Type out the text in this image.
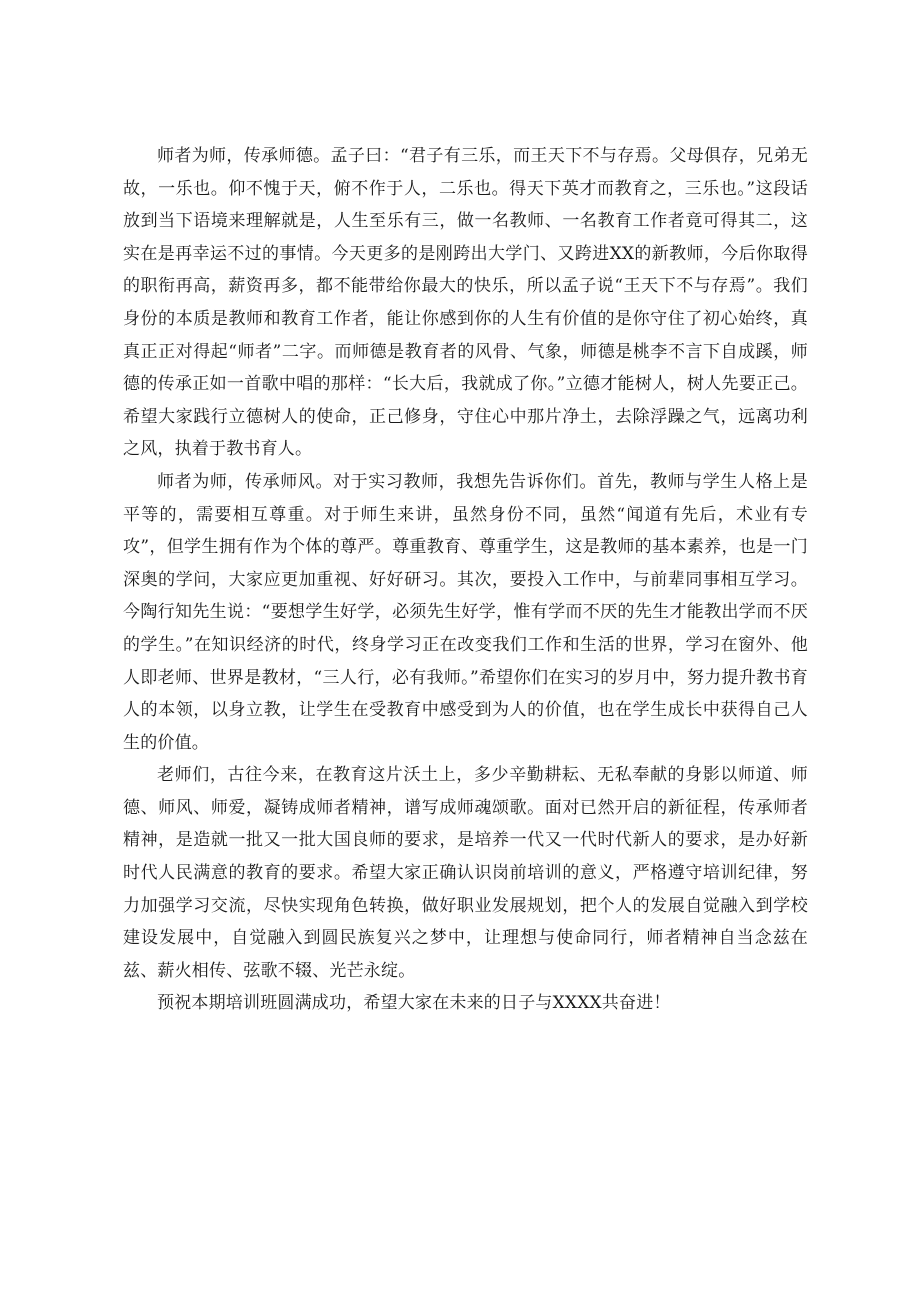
师者为师，传承师德。孟子曰：“君子有三乐，而王天下不与存焉。父母俱存，兄弟无故，一乐也。仰不愧于天，俯不作于人，二乐也。得天下英才而教育之，三乐也。”这段话放到当下语境来理解就是，人生至乐有三，做一名教师、一名教育工作者竟可得其二，这实在是再幸运不过的事情。今天更多的是刚跨出大学门、又跨进XX的新教师，今后你取得的职衔再高，薪资再多，都不能带给你最大的快乐，所以孟子说“王天下不与存焉”。我们身份的本质是教师和教育工作者，能让你感到你的人生有价值的是你守住了初心始终，真真正正对得起“师者”二字。而师德是教育者的风骨、气象，师德是桃李不言下自成蹊，师德的传承正如一首歌中唱的那样：“长大后，我就成了你。”立德才能树人，树人先要正己。希望大家践行立德树人的使命，正己修身，守住心中那片净土，去除浮躁之气，远离功利之风，执着于教书育人。

师者为师，传承师风。对于实习教师，我想先告诉你们。首先，教师与学生人格上是平等的，需要相互尊重。对于师生来讲，虽然身份不同，虽然“闻道有先后，术业有专攻”，但学生拥有作为个体的尊严。尊重教育、尊重学生，这是教师的基本素养，也是一门深奥的学问，大家应更加重视、好好研习。其次，要投入工作中，与前辈同事相互学习。今陶行知先生说：“要想学生好学，必须先生好学，惟有学而不厌的先生才能教出学而不厌的学生。”在知识经济的时代，终身学习正在改变我们工作和生活的世界，学习在窗外、他人即老师、世界是教材，“三人行，必有我师。”希望你们在实习的岁月中，努力提升教书育人的本领，以身立教，让学生在受教育中感受到为人的价值，也在学生成长中获得自己人生的价值。

老师们，古往今来，在教育这片沃土上，多少辛勤耕耘、无私奉献的身影以师道、师德、师风、师爱，凝铸成师者精神，谱写成师魂颂歌。面对已然开启的新征程，传承师者精神，是造就一批又一批大国良师的要求，是培养一代又一代时代新人的要求，是办好新时代人民满意的教育的要求。希望大家正确认识岗前培训的意义，严格遵守培训纪律，努力加强学习交流，尽快实现角色转换，做好职业发展规划，把个人的发展自觉融入到学校建设发展中，自觉融入到圆民族复兴之梦中，让理想与使命同行，师者精神自当念兹在兹、薪火相传、弦歌不辍、光芒永绽。

预祝本期培训班圆满成功，希望大家在未来的日子与XXXX共奋进！
